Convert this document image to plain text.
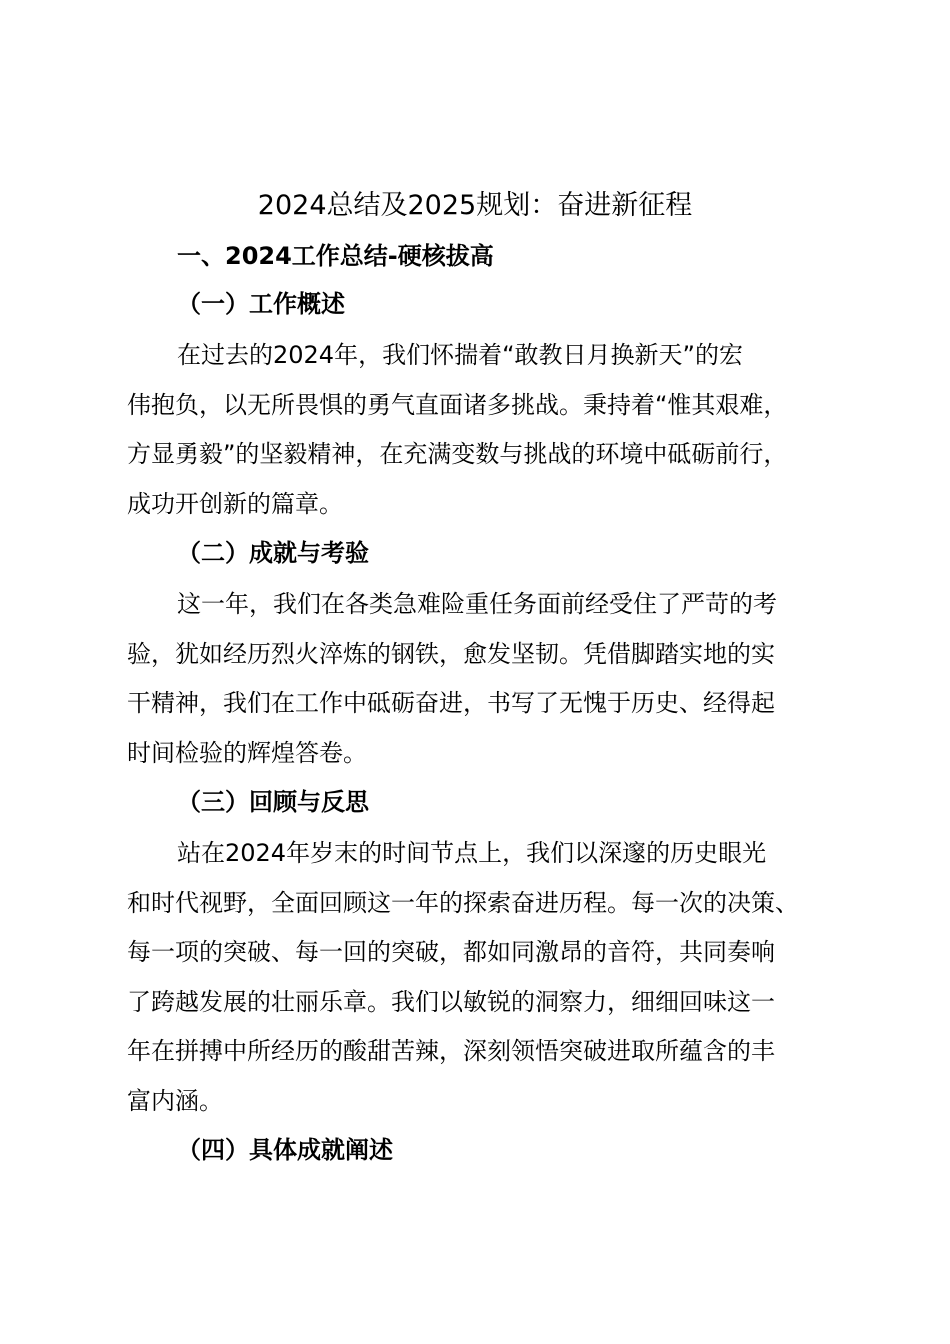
2024总结及2025规划：奋进新征程
一、2024工作总结-硬核拔高
（一）工作概述

在过去的2024年，我们怀揣着“敢教日月换新天”的宏
伟抱负，以无所畏惧的勇气直面诸多挑战。秉持着“惟其艰难，
方显勇毅”的坚毅精神，在充满变数与挑战的环境中砥砺前行，
成功开创新的篇章。

（二）成就与考验

这一年，我们在各类急难险重任务面前经受住了严苛的考
验，犹如经历烈火淬炼的钢铁，愈发坚韧。凭借脚踏实地的实
干精神，我们在工作中砥砺奋进，书写了无愧于历史、经得起
时间检验的辉煌答卷。

（三）回顾与反思

站在2024年岁末的时间节点上，我们以深邃的历史眼光
和时代视野，全面回顾这一年的探索奋进历程。每一次的决策、
每一项的突破、每一回的突破，都如同激昂的音符，共同奏响
了跨越发展的壮丽乐章。我们以敏锐的洞察力，细细回味这一
年在拼搏中所经历的酸甜苦辣，深刻领悟突破进取所蕴含的丰
富内涵。

（四）具体成就阐述
